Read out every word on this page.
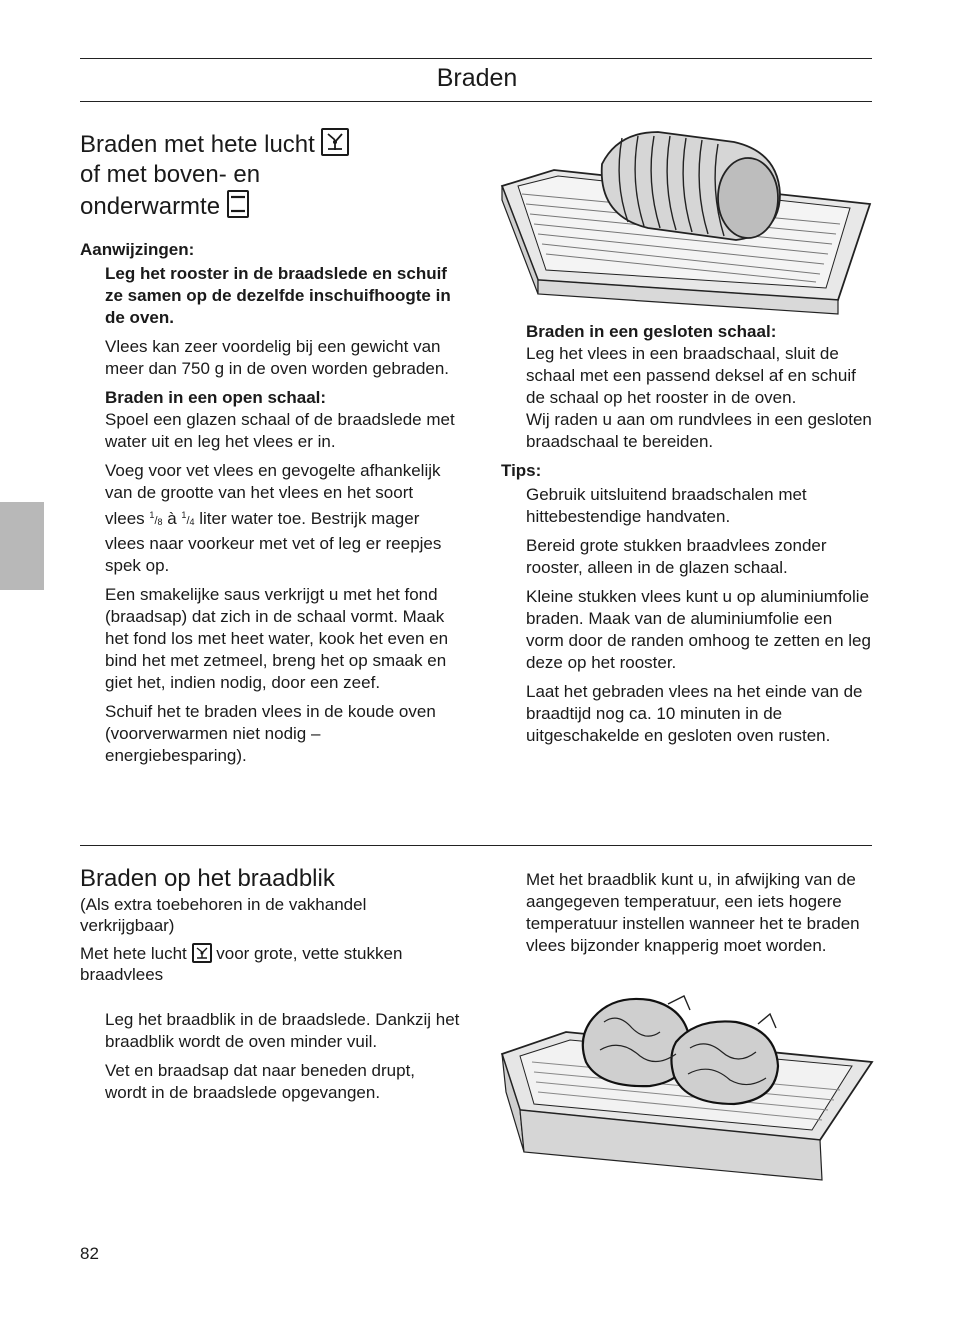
Braden
Braden met hete lucht
of met boven- en
onderwarmte

Aanwijzingen:

Leg het rooster in de braadslede en schuif ze samen op de dezelfde inschuifhoogte in de oven.

Vlees kan zeer voordelig bij een gewicht van meer dan 750 g in de oven worden gebraden.

Braden in een open schaal:
Spoel een glazen schaal of de braadslede met water uit en leg het vlees er in.

Voeg voor vet vlees en gevogelte afhankelijk van de grootte van het vlees en het soort vlees $^1/_8$ à $^1/_4$ liter water toe. Bestrijk mager vlees naar voorkeur met vet of leg er reepjes spek op.

Een smakelijke saus verkrijgt u met het fond (braadsap) dat zich in de schaal vormt. Maak het fond los met heet water, kook het even en bind het met zetmeel, breng het op smaak en giet het, indien nodig, door een zeef.

Schuif het te braden vlees in de koude oven (voorverwarmen niet nodig – energiebesparing).

Braden in een gesloten schaal:
Leg het vlees in een braadschaal, sluit de schaal met een passend deksel af en schuif de schaal op het rooster in de oven.

Wij raden u aan om rundvlees in een gesloten braadschaal te bereiden.

Tips:

Gebruik uitsluitend braadschalen met hittebestendige handvaten.

Bereid grote stukken braadvlees zonder rooster, alleen in de glazen schaal.

Kleine stukken vlees kunt u op aluminiumfolie braden. Maak van de aluminiumfolie een vorm door de randen omhoog te zetten en leg deze op het rooster.

Laat het gebraden vlees na het einde van de braadtijd nog ca. 10 minuten in de uitgeschakelde en gesloten oven rusten.

Braden op het braadblik

(Als extra toebehoren in de vakhandel verkrijgbaar)

Met hete lucht  voor grote, vette stukken braadvlees

Leg het braadblik in de braadslede. Dankzij het braadblik wordt de oven minder vuil.

Vet en braadsap dat naar beneden drupt, wordt in de braadslede opgevangen.

Met het braadblik kunt u, in afwijking van de aangegeven temperatuur, een iets hogere temperatuur instellen wanneer het te braden vlees bijzonder knapperig moet worden.

82
